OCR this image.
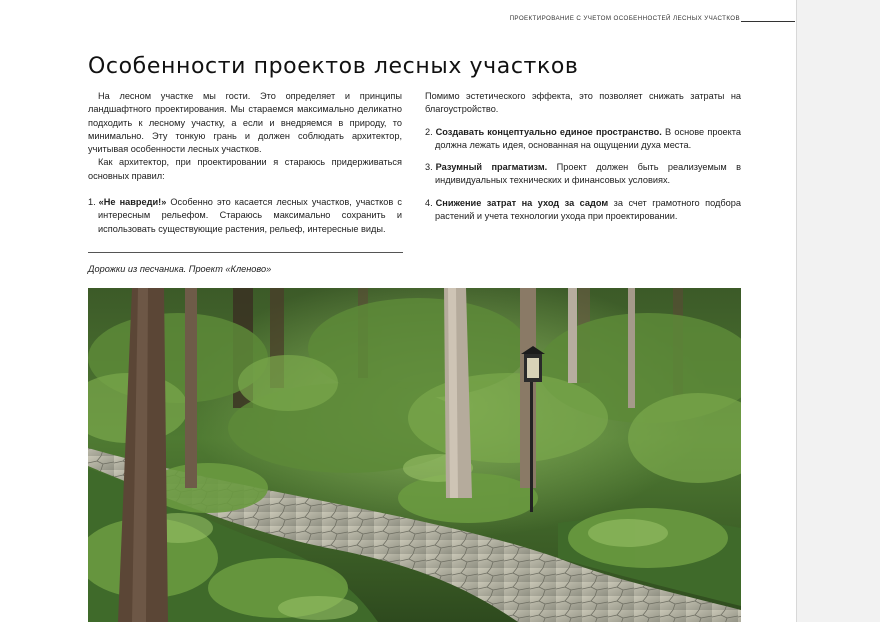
ПРОЕКТИРОВАНИЕ С УЧЕТОМ ОСОБЕННОСТЕЙ ЛЕСНЫХ УЧАСТКОВ
Особенности проектов лесных участков

На лесном участке мы гости. Это определяет и принципы ландшафтного проектирования. Мы стараемся максимально деликатно подходить к лесному участку, а если и внедряемся в природу, то минимально. Эту тонкую грань и должен соблюдать архитектор, учитывая особенности лесных участков.

Как архитектор, при проектировании я стараюсь придерживаться основных правил:

1. «Не навреди!» Особенно это касается лесных участков, участков с интересным рельефом. Стараюсь максимально сохранить и использовать существующие растения, рельеф, интересные виды.

Помимо эстетического эффекта, это позволяет снижать затраты на благоустройство.

2. Создавать концептуально единое пространство. В основе проекта должна лежать идея, основанная на ощущении духа места.

3. Разумный прагматизм. Проект должен быть реализуемым в индивидуальных технических и финансовых условиях.

4. Снижение затрат на уход за садом за счет грамотного подбора растений и учета технологии ухода при проектировании.

Дорожки из песчаника. Проект «Кленово»
